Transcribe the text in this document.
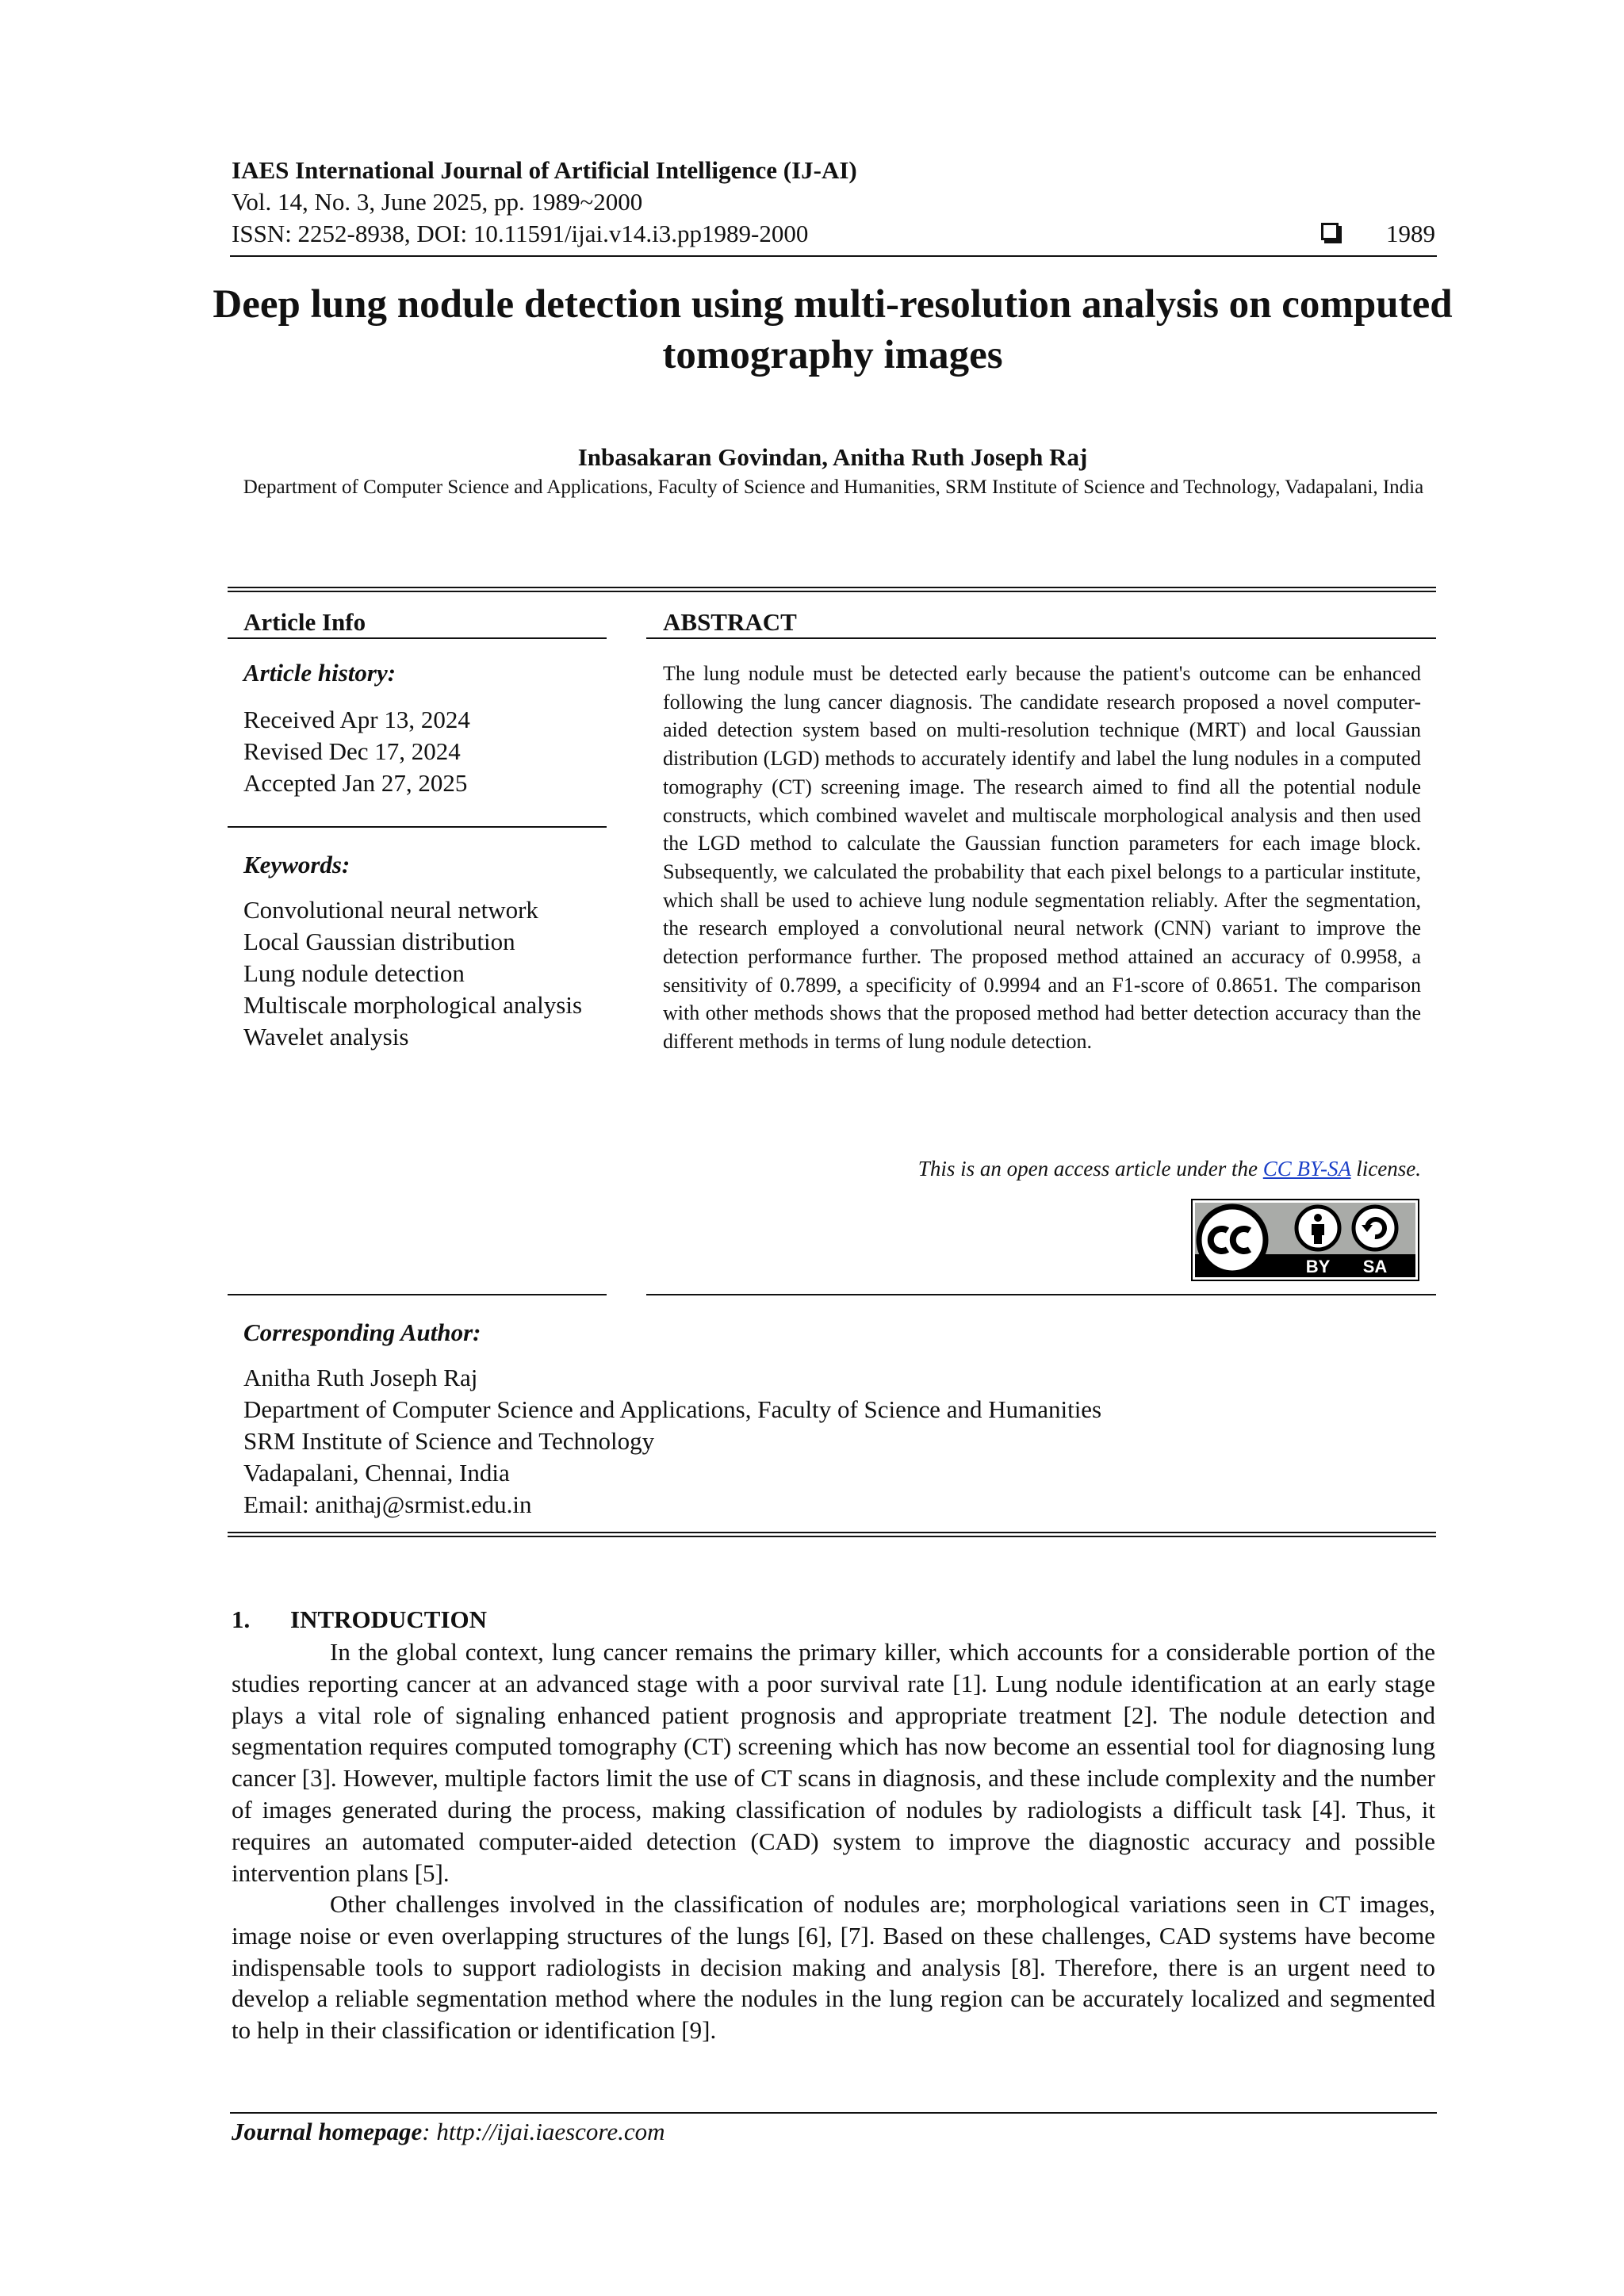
IAES International Journal of Artificial Intelligence (IJ-AI)
Vol. 14, No. 3, June 2025, pp. 1989~2000
ISSN: 2252-8938, DOI: 10.11591/ijai.v14.i3.pp1989-2000	1989
Deep lung nodule detection using multi-resolution analysis on computed tomography images
Inbasakaran Govindan, Anitha Ruth Joseph Raj
Department of Computer Science and Applications, Faculty of Science and Humanities, SRM Institute of Science and Technology, Vadapalani, India
Article Info	ABSTRACT
Article history:
Received Apr 13, 2024
Revised Dec 17, 2024
Accepted Jan 27, 2025
Keywords:
Convolutional neural network
Local Gaussian distribution
Lung nodule detection
Multiscale morphological analysis
Wavelet analysis
The lung nodule must be detected early because the patient's outcome can be enhanced following the lung cancer diagnosis. The candidate research proposed a novel computer-aided detection system based on multi-resolution technique (MRT) and local Gaussian distribution (LGD) methods to accurately identify and label the lung nodules in a computed tomography (CT) screening image. The research aimed to find all the potential nodule constructs, which combined wavelet and multiscale morphological analysis and then used the LGD method to calculate the Gaussian function parameters for each image block. Subsequently, we calculated the probability that each pixel belongs to a particular institute, which shall be used to achieve lung nodule segmentation reliably. After the segmentation, the research employed a convolutional neural network (CNN) variant to improve the detection performance further. The proposed method attained an accuracy of 0.9958, a sensitivity of 0.7899, a specificity of 0.9994 and an F1-score of 0.8651. The comparison with other methods shows that the proposed method had better detection accuracy than the different methods in terms of lung nodule detection.
This is an open access article under the CC BY-SA license.
BY SA
Corresponding Author:
Anitha Ruth Joseph Raj
Department of Computer Science and Applications, Faculty of Science and Humanities
SRM Institute of Science and Technology
Vadapalani, Chennai, India
Email: anithaj@srmist.edu.in
1. INTRODUCTION

In the global context, lung cancer remains the primary killer, which accounts for a considerable portion of the studies reporting cancer at an advanced stage with a poor survival rate [1]. Lung nodule identification at an early stage plays a vital role of signaling enhanced patient prognosis and appropriate treatment [2]. The nodule detection and segmentation requires computed tomography (CT) screening which has now become an essential tool for diagnosing lung cancer [3]. However, multiple factors limit the use of CT scans in diagnosis, and these include complexity and the number of images generated during the process, making classification of nodules by radiologists a difficult task [4]. Thus, it requires an automated computer-aided detection (CAD) system to improve the diagnostic accuracy and possible intervention plans [5].

Other challenges involved in the classification of nodules are; morphological variations seen in CT images, image noise or even overlapping structures of the lungs [6], [7]. Based on these challenges, CAD systems have become indispensable tools to support radiologists in decision making and analysis [8]. Therefore, there is an urgent need to develop a reliable segmentation method where the nodules in the lung region can be accurately localized and segmented to help in their classification or identification [9].

Journal homepage: http://ijai.iaescore.com
